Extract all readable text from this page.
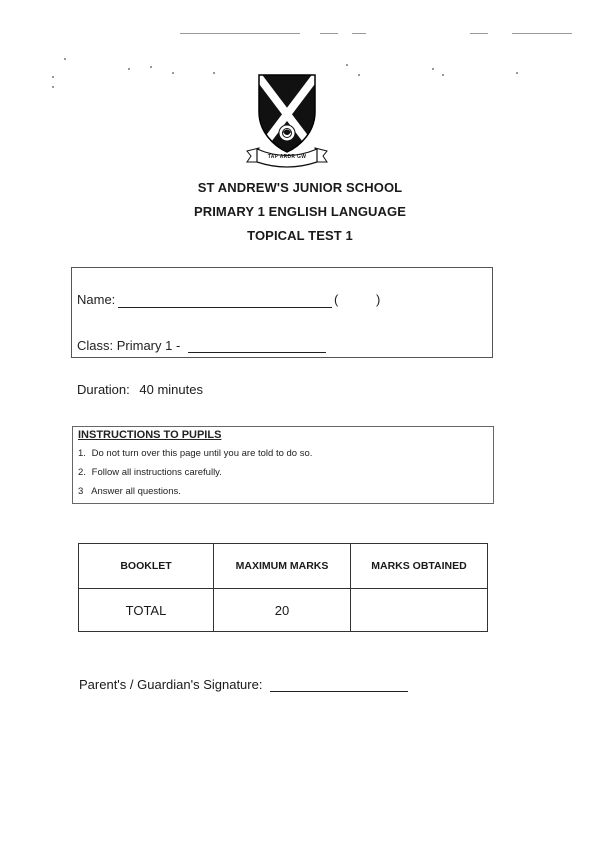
TAP ARDR GW
ST ANDREW'S JUNIOR SCHOOL
PRIMARY 1 ENGLISH LANGUAGE
TOPICAL TEST 1
Name:	(	)
Class: Primary 1 -
Duration: 40 minutes
INSTRUCTIONS TO PUPILS
1. Do not turn over this page until you are told to do so.
2. Follow all instructions carefully.
3 Answer all questions.
BOOKLET	MAXIMUM MARKS	MARKS OBTAINED
TOTAL	20	
Parent's / Guardian's Signature:
